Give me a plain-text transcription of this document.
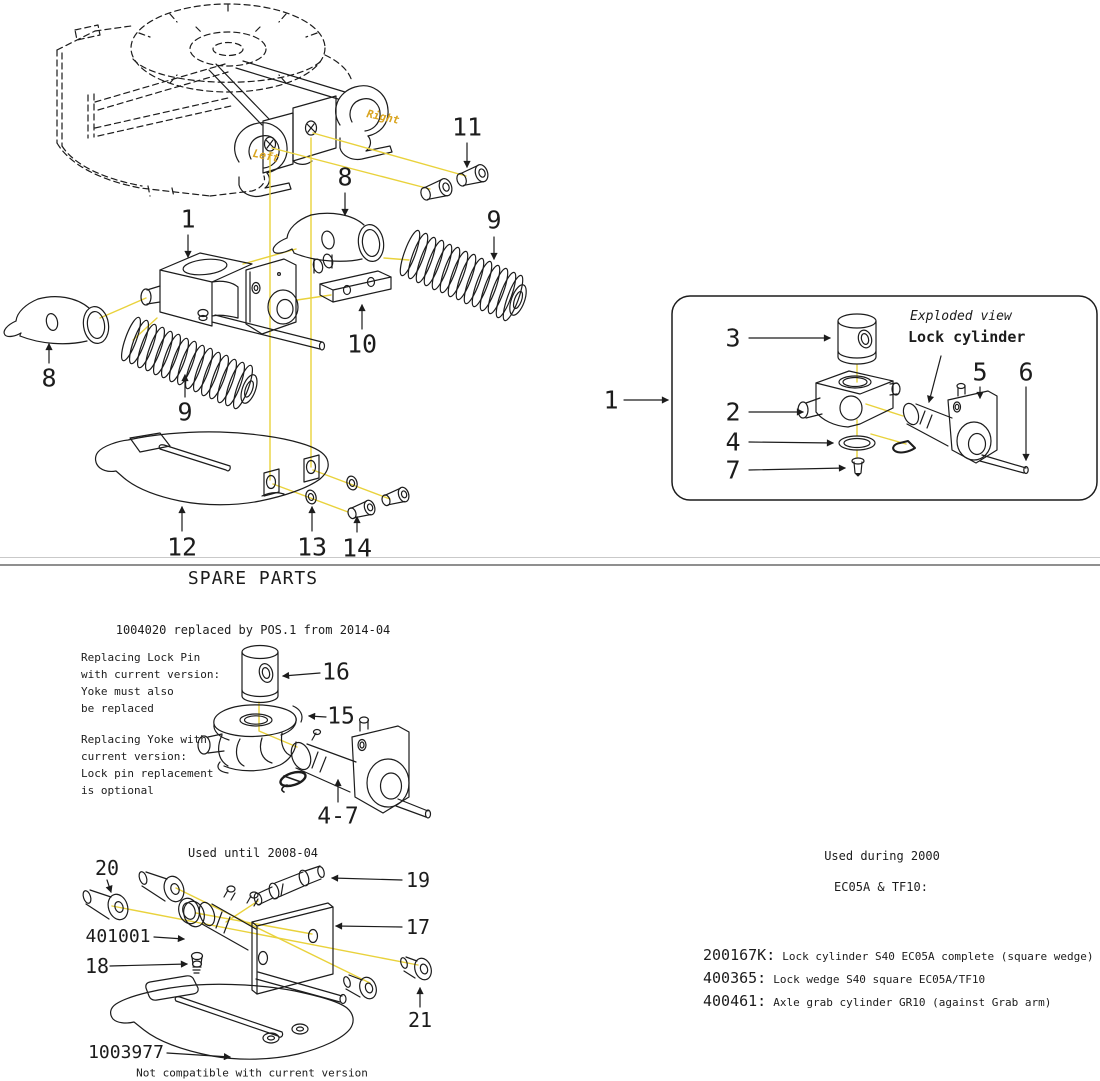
1
8
9
10
11
8
9
12	13 14
Right
Left
1
3
2
4
7
5 6
Exploded view
Lock cylinder
SPARE PARTS
1004020 replaced by POS.1 from 2014-04
Replacing Lock Pin
with current version:
Yoke must also
be replaced
Replacing Yoke with
current version:
Lock pin replacement
is optional
16
15
4-7
Used until 2008-04
20	19
17
401001
18
21
1003977
Not compatible with current version
Used during 2000
EC05A & TF10:
200167K: Lock cylinder S40 EC05A complete (square wedge)
400365: Lock wedge S40 square EC05A/TF10
400461: Axle grab cylinder GR10 (against Grab arm)
